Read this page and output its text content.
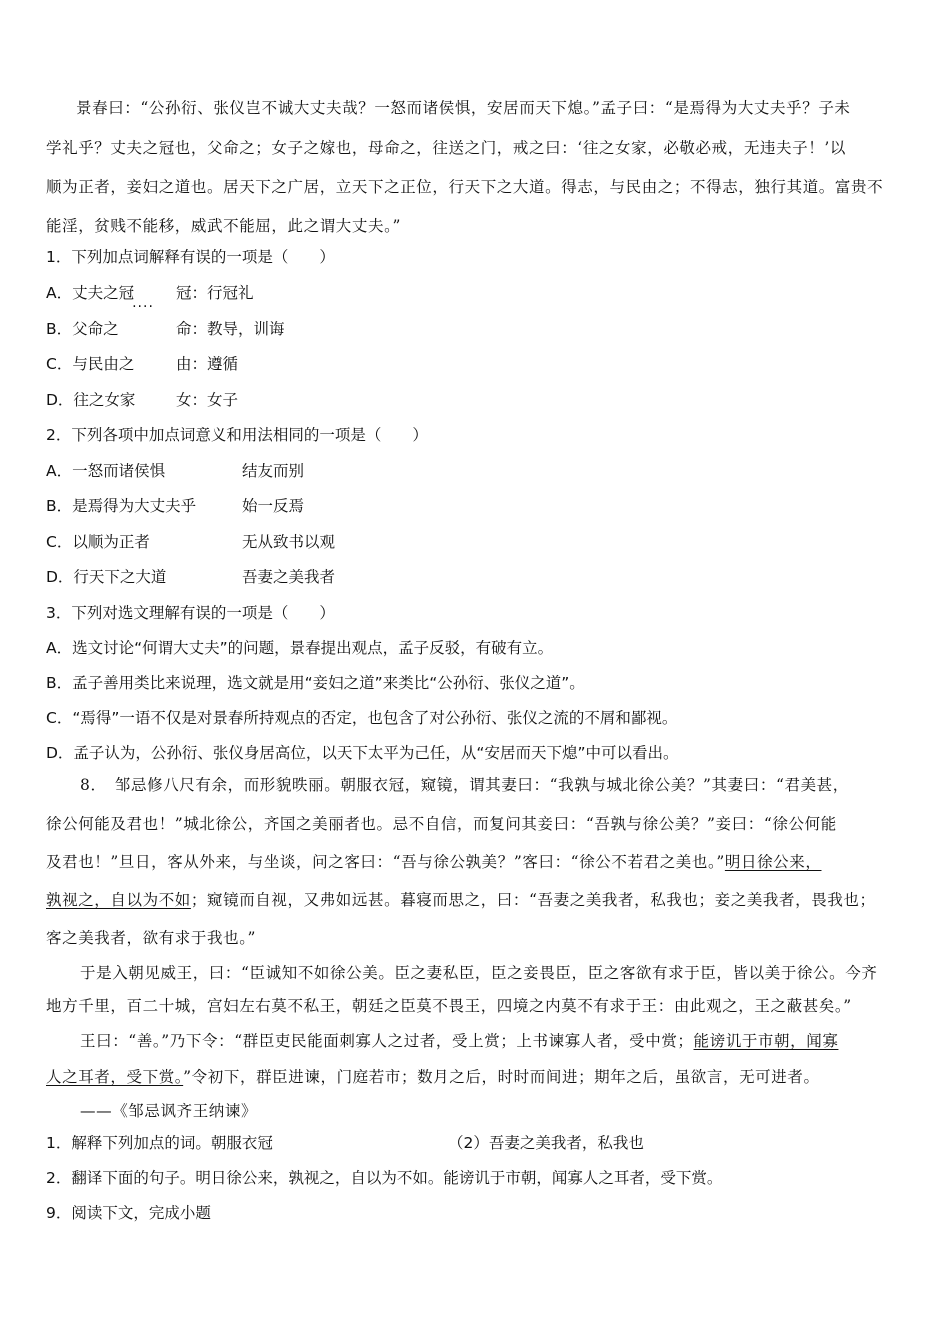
景春曰：“公孙衍、张仪岂不诚大丈夫哉？一怒而诸侯惧，安居而天下熄。”孟子曰：“是焉得为大丈夫乎？子未
学礼乎？丈夫之冠也，父命之；女子之嫁也，母命之，往送之门，戒之曰：‘往之女家，必敬必戒，无违夫子！’以
顺为正者，妾妇之道也。居天下之广居，立天下之正位，行天下之大道。得志，与民由之；不得志，独行其道。富贵不
能淫，贫贱不能移，威武不能屈，此之谓大丈夫。”
1．下列加点词解释有误的一项是（　　）
A．丈夫之冠	冠：行冠礼
B．父命之	命：教导，训诲
C．与民由之	由：遵循
D．往之女家	女：女子
2．下列各项中加点词意义和用法相同的一项是（　　）
A．一怒而诸侯惧	结友而别
B．是焉得为大丈夫乎	始一反焉
C．以顺为正者	无从致书以观
D．行天下之大道	吾妻之美我者
3．下列对选文理解有误的一项是（　　）
A．选文讨论“何谓大丈夫”的问题，景春提出观点，孟子反驳，有破有立。
B．孟子善用类比来说理，选文就是用“妾妇之道”来类比“公孙衍、张仪之道”。
C．“焉得”一语不仅是对景春所持观点的否定，也包含了对公孙衍、张仪之流的不屑和鄙视。
D．孟子认为，公孙衍、张仪身居高位，以天下太平为己任，从“安居而天下熄”中可以看出。
8．　邹忌修八尺有余，而形貌昳丽。朝服衣冠，窥镜，谓其妻曰：“我孰与城北徐公美？”其妻曰：“君美甚，
徐公何能及君也！”城北徐公，齐国之美丽者也。忌不自信，而复问其妾曰：“吾孰与徐公美？”妾曰：“徐公何能
及君也！”旦日，客从外来，与坐谈，问之客曰：“吾与徐公孰美？”客曰：“徐公不若君之美也。”明日徐公来，
孰视之，自以为不如；窥镜而自视，又弗如远甚。暮寝而思之，曰：“吾妻之美我者，私我也；妾之美我者，畏我也；
客之美我者，欲有求于我也。”
于是入朝见威王，曰：“臣诚知不如徐公美。臣之妻私臣，臣之妾畏臣，臣之客欲有求于臣，皆以美于徐公。今齐
地方千里，百二十城，宫妇左右莫不私王，朝廷之臣莫不畏王，四境之内莫不有求于王：由此观之，王之蔽甚矣。”
王曰：“善。”乃下令：“群臣吏民能面刺寡人之过者，受上赏；上书谏寡人者，受中赏；能谤讥于市朝，闻寡
人之耳者，受下赏。”令初下，群臣进谏，门庭若市；数月之后，时时而间进；期年之后，虽欲言，无可进者。
——《邹忌讽齐王纳谏》
1．解释下列加点的词。朝服衣冠	（2）吾妻之美我者，私我也
2．翻译下面的句子。明日徐公来，孰视之，自以为不如。能谤讥于市朝，闻寡人之耳者，受下赏。
9．阅读下文，完成小题
